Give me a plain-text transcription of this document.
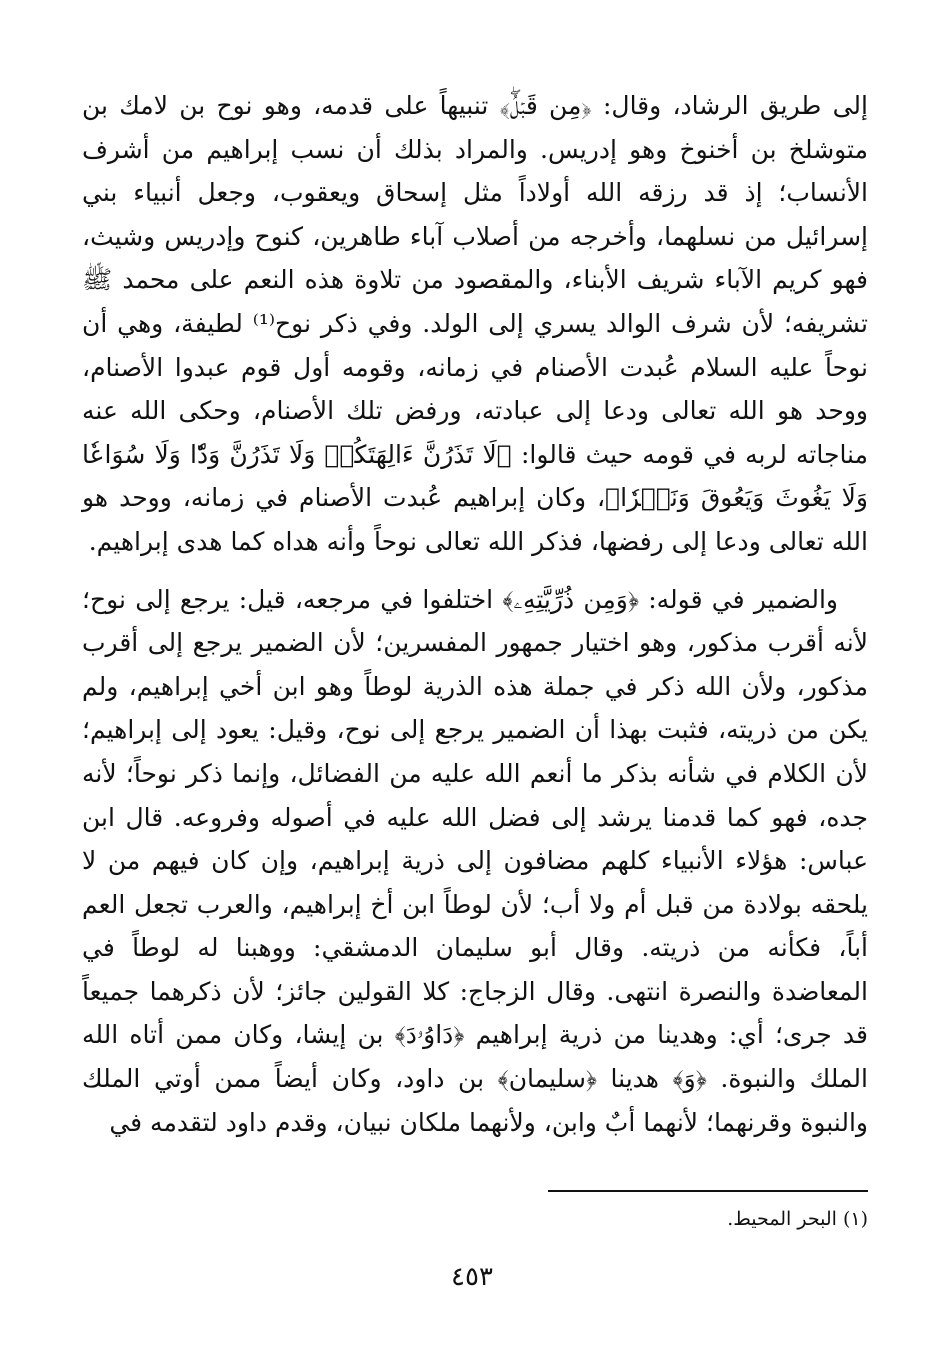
إلى طريق الرشاد، وقال: ﴿مِن قَبۡلُۖ﴾ تنبيهاً على قدمه، وهو نوح بن لامك بن متوشلخ بن أخنوخ وهو إدريس. والمراد بذلك أن نسب إبراهيم من أشرف الأنساب؛ إذ قد رزقه الله أولاداً مثل إسحاق ويعقوب، وجعل أنبياء بني إسرائيل من نسلهما، وأخرجه من أصلاب آباء طاهرين، كنوح وإدريس وشيث، فهو كريم الآباء شريف الأبناء، والمقصود من تلاوة هذه النعم على محمد ﷺ تشريفه؛ لأن شرف الوالد يسري إلى الولد. وفي ذكر نوح⁽¹⁾ لطيفة، وهي أن نوحاً عليه السلام عُبدت الأصنام في زمانه، وقومه أول قوم عبدوا الأصنام، ووحد هو الله تعالى ودعا إلى عبادته، ورفض تلك الأصنام، وحكى الله عنه مناجاته لربه في قومه حيث قالوا: ﴿لَا تَذَرُنَّ ءَالِهَتَكُمۡ وَلَا تَذَرُنَّ وَدّٗا وَلَا سُوَاعٗا وَلَا يَغُوثَ وَيَعُوقَ وَنَسۡرٗا﴾، وكان إبراهيم عُبدت الأصنام في زمانه، ووحد هو الله تعالى ودعا إلى رفضها، فذكر الله تعالى نوحاً وأنه هداه كما هدى إبراهيم.

والضمير في قوله: ﴿وَمِن ذُرِّيَّتِهِۦ﴾ اختلفوا في مرجعه، قيل: يرجع إلى نوح؛ لأنه أقرب مذكور، وهو اختيار جمهور المفسرين؛ لأن الضمير يرجع إلى أقرب مذكور، ولأن الله ذكر في جملة هذه الذرية لوطاً وهو ابن أخي إبراهيم، ولم يكن من ذريته، فثبت بهذا أن الضمير يرجع إلى نوح، وقيل: يعود إلى إبراهيم؛ لأن الكلام في شأنه بذكر ما أنعم الله عليه من الفضائل، وإنما ذكر نوحاً؛ لأنه جده، فهو كما قدمنا يرشد إلى فضل الله عليه في أصوله وفروعه. قال ابن عباس: هؤلاء الأنبياء كلهم مضافون إلى ذرية إبراهيم، وإن كان فيهم من لا يلحقه بولادة من قبل أم ولا أب؛ لأن لوطاً ابن أخ إبراهيم، والعرب تجعل العم أباً، فكأنه من ذريته. وقال أبو سليمان الدمشقي: ووهبنا له لوطاً في المعاضدة والنصرة انتهى. وقال الزجاج: كلا القولين جائز؛ لأن ذكرهما جميعاً قد جرى؛ أي: وهدينا من ذرية إبراهيم ﴿دَاوُۥدَ﴾ بن إيشا، وكان ممن أتاه الله الملك والنبوة. ﴿وَ﴾ هدينا ﴿سليمان﴾ بن داود، وكان أيضاً ممن أوتي الملك والنبوة وقرنهما؛ لأنهما أبٌ وابن، ولأنهما ملكان نبيان، وقدم داود لتقدمه في

(١) البحر المحيط.
٤٥٣
